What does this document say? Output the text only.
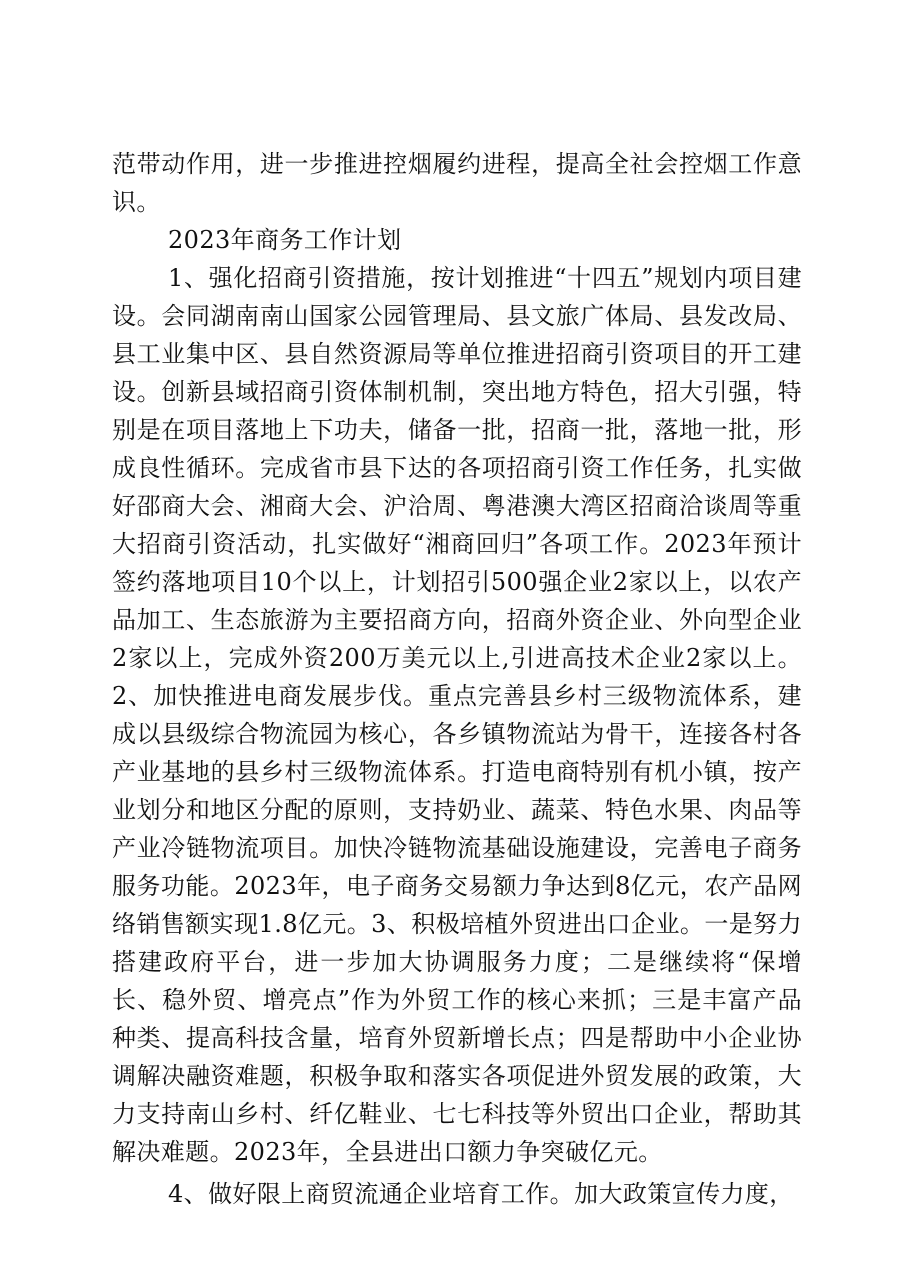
范带动作用，进一步推进控烟履约进程，提高全社会控烟工作意识。

2023年商务工作计划

1、强化招商引资措施，按计划推进“十四五”规划内项目建设。会同湖南南山国家公园管理局、县文旅广体局、县发改局、县工业集中区、县自然资源局等单位推进招商引资项目的开工建设。创新县域招商引资体制机制，突出地方特色，招大引强，特别是在项目落地上下功夫，储备一批，招商一批，落地一批，形成良性循环。完成省市县下达的各项招商引资工作任务，扎实做好邵商大会、湘商大会、沪洽周、粤港澳大湾区招商洽谈周等重大招商引资活动，扎实做好“湘商回归”各项工作。2023年预计签约落地项目10个以上，计划招引500强企业2家以上，以农产品加工、生态旅游为主要招商方向，招商外资企业、外向型企业2家以上，完成外资200万美元以上,引进高技术企业2家以上。2、加快推进电商发展步伐。重点完善县乡村三级物流体系，建成以县级综合物流园为核心，各乡镇物流站为骨干，连接各村各产业基地的县乡村三级物流体系。打造电商特别有机小镇，按产业划分和地区分配的原则，支持奶业、蔬菜、特色水果、肉品等产业冷链物流项目。加快冷链物流基础设施建设，完善电子商务服务功能。2023年，电子商务交易额力争达到8亿元，农产品网络销售额实现1.8亿元。3、积极培植外贸进出口企业。一是努力搭建政府平台，进一步加大协调服务力度；二是继续将“保增长、稳外贸、增亮点”作为外贸工作的核心来抓；三是丰富产品种类、提高科技含量，培育外贸新增长点；四是帮助中小企业协调解决融资难题，积极争取和落实各项促进外贸发展的政策，大力支持南山乡村、纤亿鞋业、七七科技等外贸出口企业，帮助其解决难题。2023年，全县进出口额力争突破亿元。

4、做好限上商贸流通企业培育工作。加大政策宣传力度，
